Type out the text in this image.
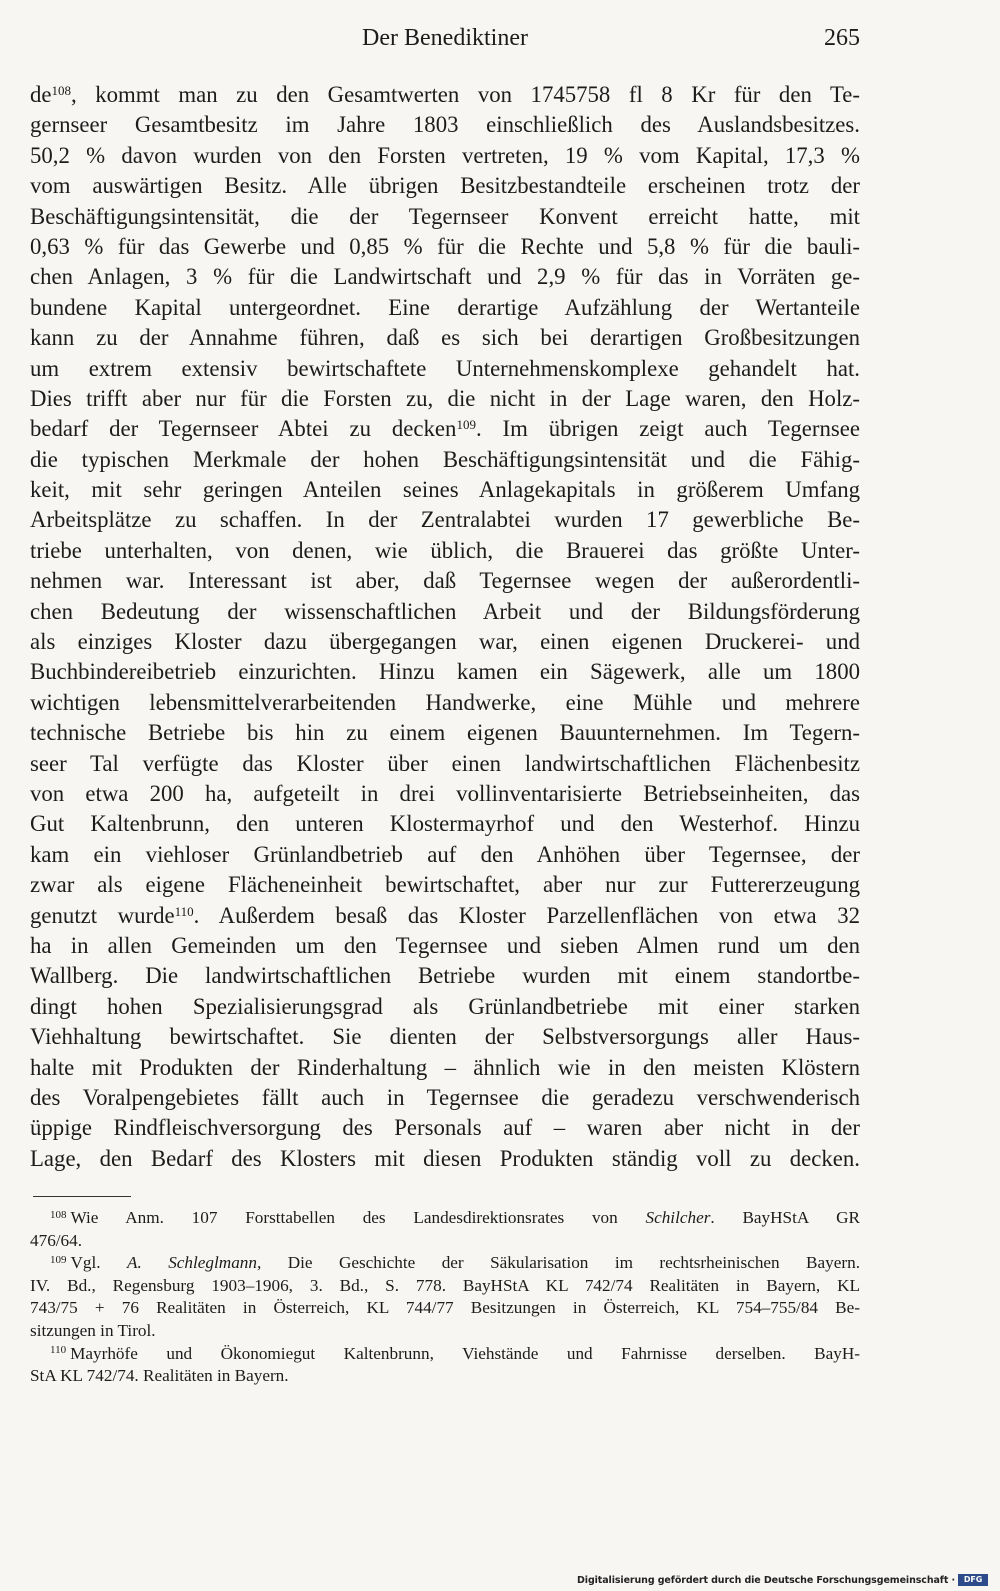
Der Benediktiner	265
$de^{108}$, kommt man zu den Gesamtwerten von 1745758 fl 8 Kr für den Te-
gernseer Gesamtbesitz im Jahre 1803 einschließlich des Auslandsbesitzes.
50,2 % davon wurden von den Forsten vertreten, 19 % vom Kapital, 17,3 %
vom auswärtigen Besitz. Alle übrigen Besitzbestandteile erscheinen trotz der
Beschäftigungsintensität, die der Tegernseer Konvent erreicht hatte, mit
0,63 % für das Gewerbe und 0,85 % für die Rechte und 5,8 % für die bauli-
chen Anlagen, 3 % für die Landwirtschaft und 2,9 % für das in Vorräten ge-
bundene Kapital untergeordnet. Eine derartige Aufzählung der Wertanteile
kann zu der Annahme führen, daß es sich bei derartigen Großbesitzungen
um extrem extensiv bewirtschaftete Unternehmenskomplexe gehandelt hat.
Dies trifft aber nur für die Forsten zu, die nicht in der Lage waren, den Holz-
bedarf der Tegernseer Abtei zu decken$^{109}$. Im übrigen zeigt auch Tegernsee
die typischen Merkmale der hohen Beschäftigungsintensität und die Fähig-
keit, mit sehr geringen Anteilen seines Anlagekapitals in größerem Umfang
Arbeitsplätze zu schaffen. In der Zentralabtei wurden 17 gewerbliche Be-
triebe unterhalten, von denen, wie üblich, die Brauerei das größte Unter-
nehmen war. Interessant ist aber, daß Tegernsee wegen der außerordentli-
chen Bedeutung der wissenschaftlichen Arbeit und der Bildungsförderung
als einziges Kloster dazu übergegangen war, einen eigenen Druckerei- und
Buchbindereibetrieb einzurichten. Hinzu kamen ein Sägewerk, alle um 1800
wichtigen lebensmittelverarbeitenden Handwerke, eine Mühle und mehrere
technische Betriebe bis hin zu einem eigenen Bauunternehmen. Im Tegern-
seer Tal verfügte das Kloster über einen landwirtschaftlichen Flächenbesitz
von etwa 200 ha, aufgeteilt in drei vollinventarisierte Betriebseinheiten, das
Gut Kaltenbrunn, den unteren Klostermayrhof und den Westerhof. Hinzu
kam ein viehloser Grünlandbetrieb auf den Anhöhen über Tegernsee, der
zwar als eigene Flächeneinheit bewirtschaftet, aber nur zur Futtererzeugung
genutzt wurde$^{110}$. Außerdem besaß das Kloster Parzellenflächen von etwa 32
ha in allen Gemeinden um den Tegernsee und sieben Almen rund um den
Wallberg. Die landwirtschaftlichen Betriebe wurden mit einem standortbe-
dingt hohen Spezialisierungsgrad als Grünlandbetriebe mit einer starken
Viehhaltung bewirtschaftet. Sie dienten der Selbstversorgungs aller Haus-
halte mit Produkten der Rinderhaltung – ähnlich wie in den meisten Klöstern
des Voralpengebietes fällt auch in Tegernsee die geradezu verschwenderisch
üppige Rindfleischversorgung des Personals auf – waren aber nicht in der
Lage, den Bedarf des Klosters mit diesen Produkten ständig voll zu decken.
$^{108}$ Wie Anm. 107 Forsttabellen des Landesdirektionsrates von Schilcher. BayHStA GR
476/64.
$^{109}$ Vgl. A. Schleglmann, Die Geschichte der Säkularisation im rechtsrheinischen Bayern.
IV. Bd., Regensburg 1903–1906, 3. Bd., S. 778. BayHStA KL 742/74 Realitäten in Bayern, KL
743/75 + 76 Realitäten in Österreich, KL 744/77 Besitzungen in Österreich, KL 754–755/84 Be-
sitzungen in Tirol.
$^{110}$ Mayrhöfe und Ökonomiegut Kaltenbrunn, Viehstände und Fahrnisse derselben. BayH-
StA KL 742/74. Realitäten in Bayern.
Digitalisierung gefördert durch die Deutsche Forschungsgemeinschaft ·	DFG
